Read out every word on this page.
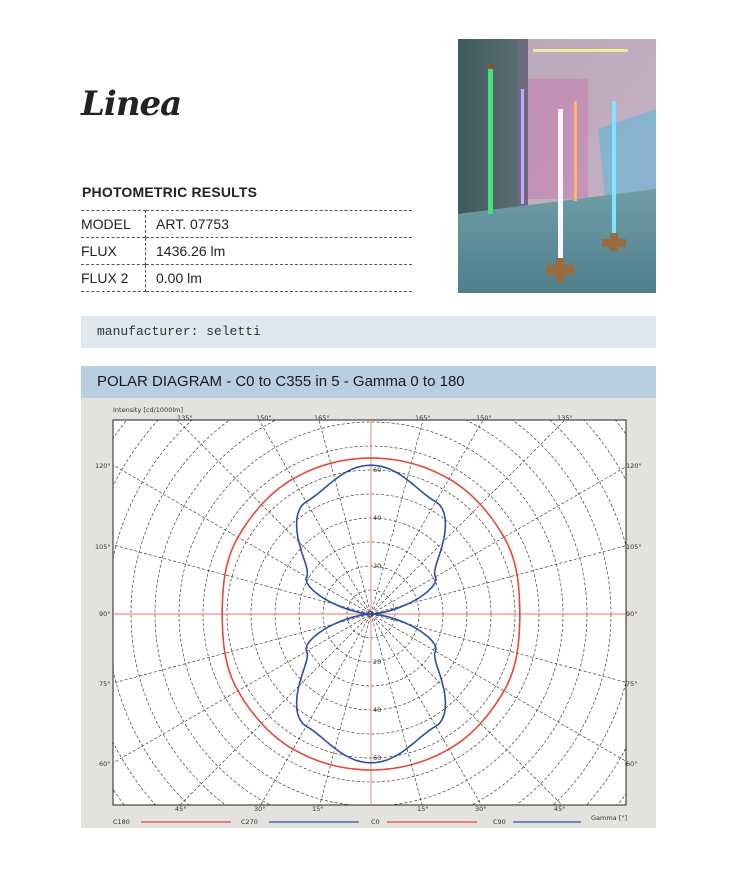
Linea
PHOTOMETRIC RESULTS
MODEL	ART. 07753
FLUX	1436.26 lm
FLUX 2	0.00 lm
manufacturer: seletti
POLAR DIAGRAM - C0 to C355 in 5 - Gamma 0 to 180
Intensity [cd/1000lm]
Gamma [°]
135°	150°	165°	165°	150°	135°
45°	30°	15°	15°	30°	45°
120°
105°
90°
75°
60°
120°
105°
90°
75°
60°
60
40
20
20
40
60
C180	C270	C0	C90
